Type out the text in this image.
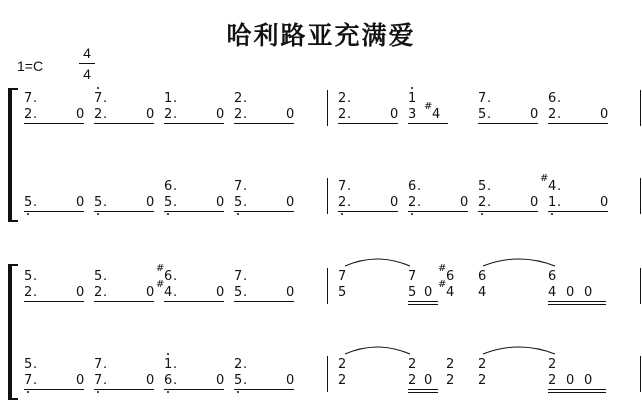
哈利路亚充满爱
1=C
4
4
7 .
2 .	0
7 .
2 .	0
1 .
2 .	0
2 .
2 .	0
2 .
2 .	0
1
3
#
4
7 .
5 .	0
6 .
2 .	0
5 .	0 5 .	0
6 .
5 .	0
7 .
5 .	0
7 .
2 .	0
6 .
2 .	0
5 .
2 .	0
#
4 .
1 .	0
5 .
2 .	0
5 .
2 .	0
#
6 .
#
4 .	0
7 .
5 .	0
7	7
#
6 6	6
5	5 0
#
4 4	4 0 0
5 .
7 .	0
7 .
7 .	0
1 .
6 .	0
2 .
5 .	0
2	2 2 2	2
2	2 0 2 2	2 0 0
